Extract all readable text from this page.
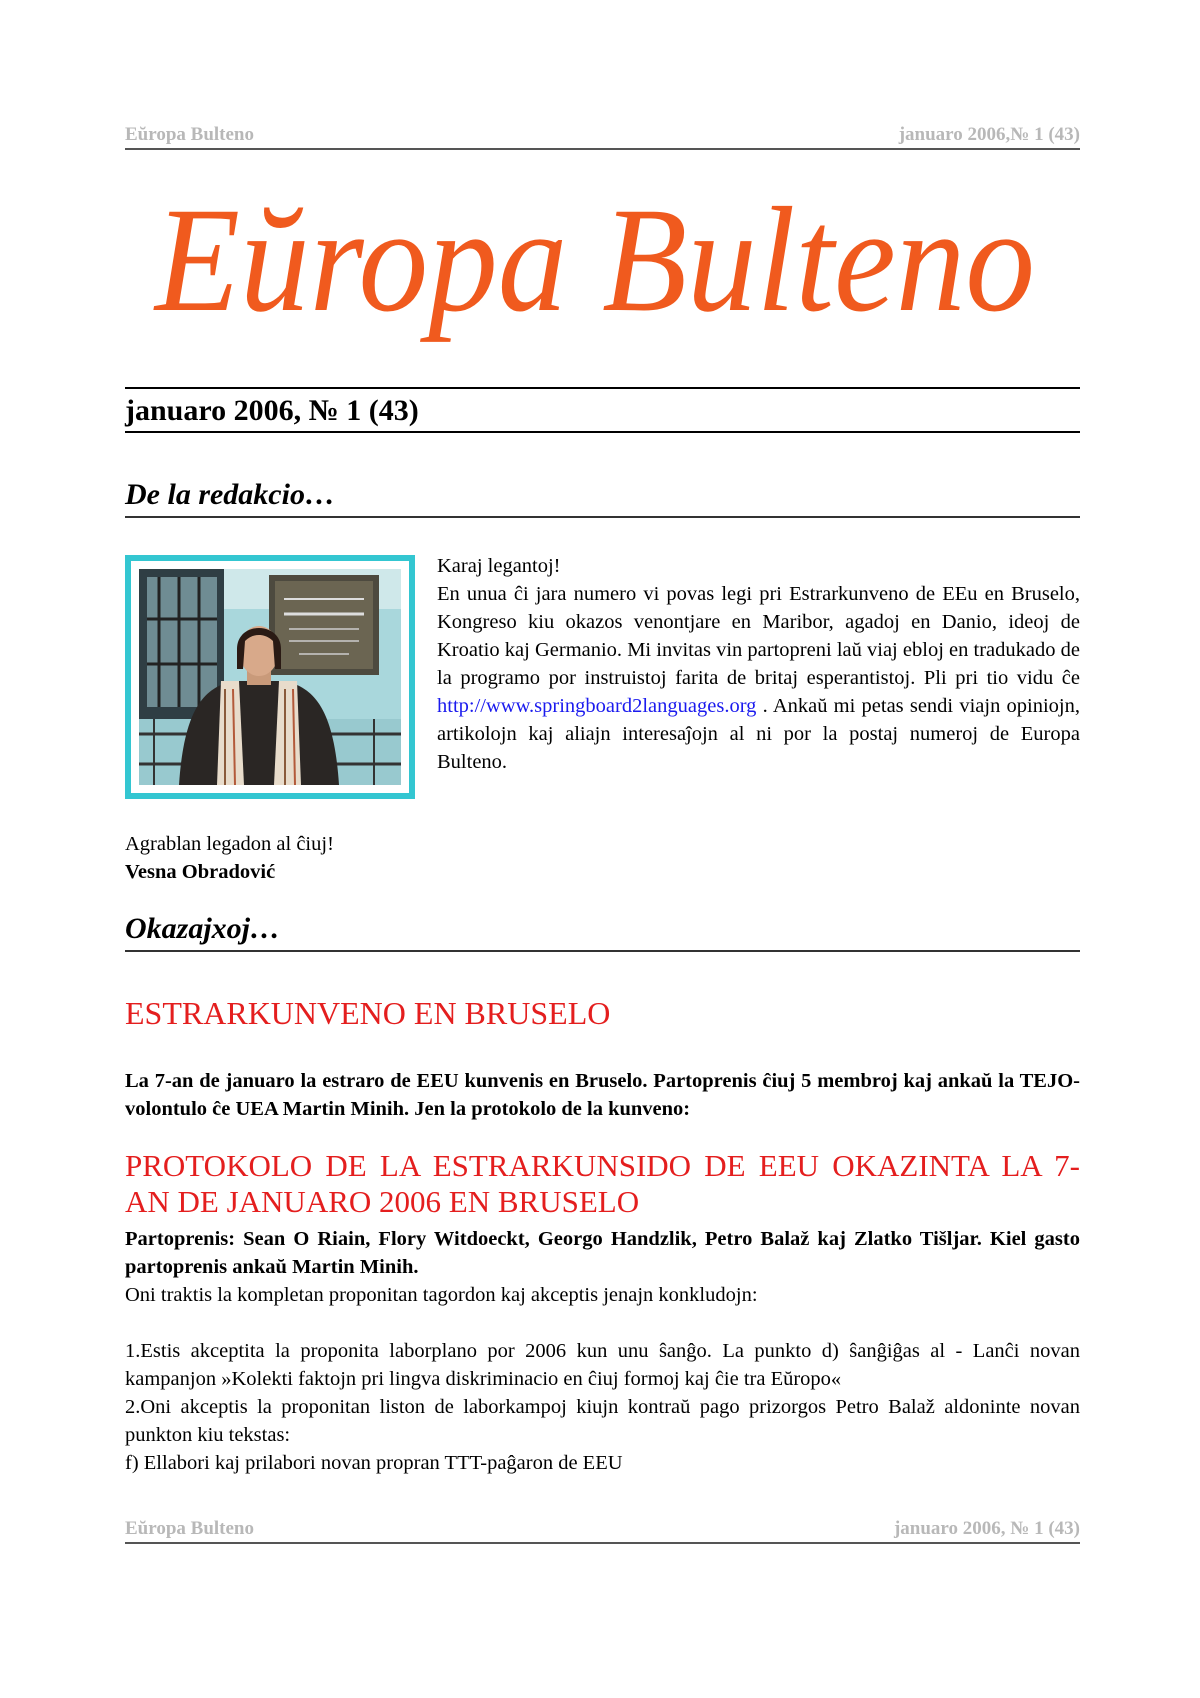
Eŭropa Bulteno	januaro 2006,№ 1 (43)
Eŭropa Bulteno
januaro 2006, № 1 (43)
De la redakcio…

Karaj legantoj!

En unua ĉi jara numero vi povas legi pri Estrarkunveno de EEu en Bruselo, Kongreso kiu okazos venontjare en Maribor, agadoj en Danio, ideoj de Kroatio kaj Germanio. Mi invitas vin partopreni laŭ viaj ebloj en tradukado de la programo por instruistoj farita de britaj esperantistoj. Pli pri tio vidu ĉe http://www.springboard2languages.org . Ankaŭ mi petas sendi viajn opiniojn, artikolojn kaj aliajn interesaĵojn al ni por la postaj numeroj de Europa Bulteno.

Agrablan legadon al ĉiuj!
Vesna Obradović
Okazajxoj…
ESTRARKUNVENO EN BRUSELO

La 7-an de januaro la estraro de EEU kunvenis en Bruselo. Partoprenis ĉiuj 5 membroj kaj ankaŭ la TEJO-volontulo ĉe UEA Martin Minih. Jen la protokolo de la kunveno:

PROTOKOLO DE LA ESTRARKUNSIDO DE EEU OKAZINTA LA 7-AN DE JANUARO 2006 EN BRUSELO

Partoprenis: Sean O Riain, Flory Witdoeckt, Georgo Handzlik, Petro Balaž kaj Zlatko Tišljar. Kiel gasto partoprenis ankaŭ Martin Minih.

Oni traktis la kompletan proponitan tagordon kaj akceptis jenajn konkludojn:

1.Estis akceptita la proponita laborplano por 2006 kun unu ŝanĝo. La punkto d) ŝanĝiĝas al - Lanĉi novan kampanjon »Kolekti faktojn pri lingva diskriminacio en ĉiuj formoj kaj ĉie tra Eŭropo«

2.Oni akceptis la proponitan liston de laborkampoj kiujn kontraŭ pago prizorgos Petro Balaž aldoninte novan punkton kiu tekstas:

f) Ellabori kaj prilabori novan propran TTT-paĝaron de EEU

Eŭropa Bulteno	januaro 2006, № 1 (43)
